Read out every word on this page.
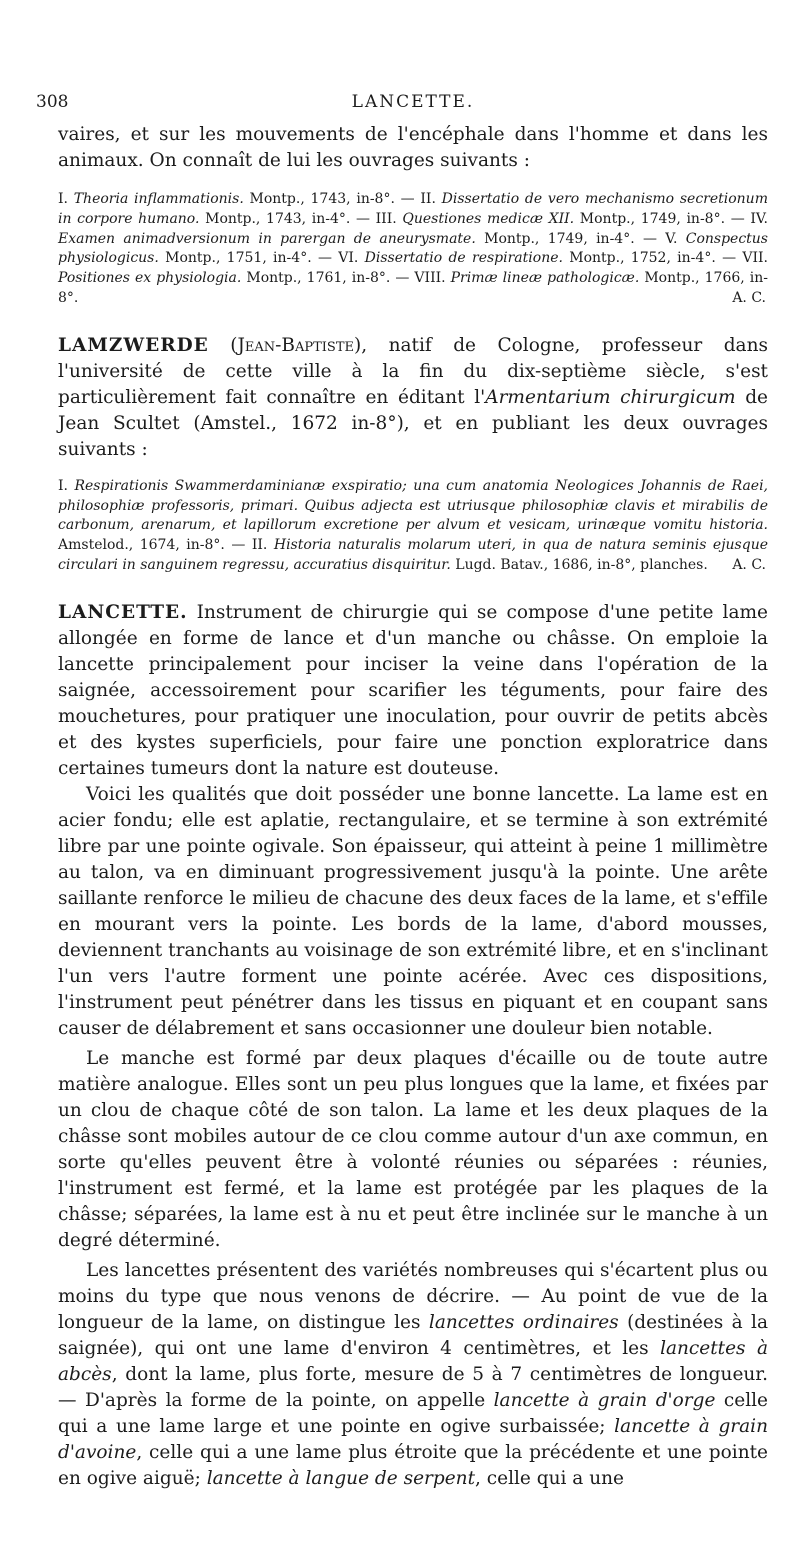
308	LANCETTE.

vaires, et sur les mouvements de l'encéphale dans l'homme et dans les animaux. On connaît de lui les ouvrages suivants :

I. Theoria inflammationis. Montp., 1743, in-8°. — II. Dissertatio de vero mechanismo secretionum in corpore humano. Montp., 1743, in-4°. — III. Questiones medicæ XII. Montp., 1749, in-8°. — IV. Examen animadversionum in parergan de aneurysmate. Montp., 1749, in-4°. — V. Conspectus physiologicus. Montp., 1751, in-4°. — VI. Dissertatio de respiratione. Montp., 1752, in-4°. — VII. Positiones ex physiologia. Montp., 1761, in-8°. — VIII. Primæ lineæ pathologicæ. Montp., 1766, in-8°.	A. C.

LAMZWERDE (Jean-Baptiste), natif de Cologne, professeur dans l'université de cette ville à la fin du dix-septième siècle, s'est particulièrement fait connaître en éditant l'Armentarium chirurgicum de Jean Scultet (Amstel., 1672 in-8°), et en publiant les deux ouvrages suivants :

I. Respirationis Swammerdaminianæ exspiratio; una cum anatomia Neologices Johannis de Raei, philosophiæ professoris, primari. Quibus adjecta est utriusque philosophiæ clavis et mirabilis de carbonum, arenarum, et lapillorum excretione per alvum et vesicam, urinæque vomitu historia. Amstelod., 1674, in-8°. — II. Historia naturalis molarum uteri, in qua de natura seminis ejusque circulari in sanguinem regressu, accuratius disquiritur. Lugd. Batav., 1686, in-8°, planches. A. C.

LANCETTE. Instrument de chirurgie qui se compose d'une petite lame allongée en forme de lance et d'un manche ou châsse. On emploie la lancette principalement pour inciser la veine dans l'opération de la saignée, accessoirement pour scarifier les téguments, pour faire des mouchetures, pour pratiquer une inoculation, pour ouvrir de petits abcès et des kystes superficiels, pour faire une ponction exploratrice dans certaines tumeurs dont la nature est douteuse.

Voici les qualités que doit posséder une bonne lancette. La lame est en acier fondu; elle est aplatie, rectangulaire, et se termine à son extrémité libre par une pointe ogivale. Son épaisseur, qui atteint à peine 1 millimètre au talon, va en diminuant progressivement jusqu'à la pointe. Une arête saillante renforce le milieu de chacune des deux faces de la lame, et s'effile en mourant vers la pointe. Les bords de la lame, d'abord mousses, deviennent tranchants au voisinage de son extrémité libre, et en s'inclinant l'un vers l'autre forment une pointe acérée. Avec ces dispositions, l'instrument peut pénétrer dans les tissus en piquant et en coupant sans causer de délabrement et sans occasionner une douleur bien notable.

Le manche est formé par deux plaques d'écaille ou de toute autre matière analogue. Elles sont un peu plus longues que la lame, et fixées par un clou de chaque côté de son talon. La lame et les deux plaques de la châsse sont mobiles autour de ce clou comme autour d'un axe commun, en sorte qu'elles peuvent être à volonté réunies ou séparées : réunies, l'instrument est fermé, et la lame est protégée par les plaques de la châsse; séparées, la lame est à nu et peut être inclinée sur le manche à un degré déterminé.

Les lancettes présentent des variétés nombreuses qui s'écartent plus ou moins du type que nous venons de décrire. — Au point de vue de la longueur de la lame, on distingue les lancettes ordinaires (destinées à la saignée), qui ont une lame d'environ 4 centimètres, et les lancettes à abcès, dont la lame, plus forte, mesure de 5 à 7 centimètres de longueur. — D'après la forme de la pointe, on appelle lancette à grain d'orge celle qui a une lame large et une pointe en ogive surbaissée; lancette à grain d'avoine, celle qui a une lame plus étroite que la précédente et une pointe en ogive aiguë; lancette à langue de serpent, celle qui a une
